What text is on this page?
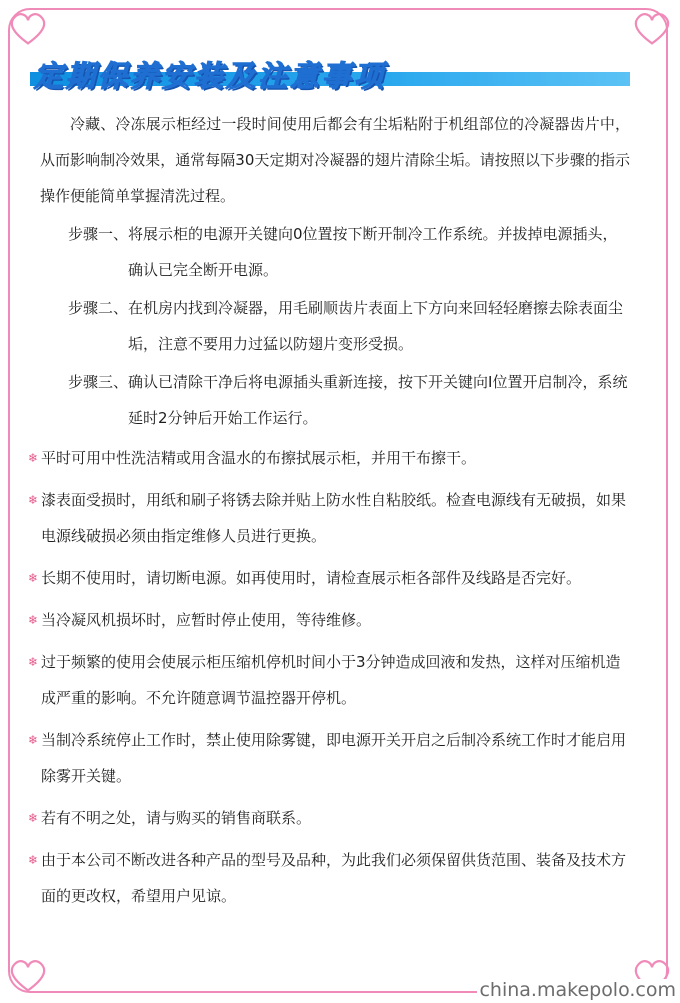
定期保养安装及注意事项

冷藏、冷冻展示柜经过一段时间使用后都会有尘垢粘附于机组部位的冷凝器齿片中，从而影响制冷效果，通常每隔30天定期对冷凝器的翅片清除尘垢。请按照以下步骤的指示操作便能简单掌握清洗过程。

步骤一、 将展示柜的电源开关键向0位置按下断开制冷工作系统。并拔掉电源插头，确认已完全断开电源。
步骤二、 在机房内找到冷凝器，用毛刷顺齿片表面上下方向来回轻轻磨擦去除表面尘垢，注意不要用力过猛以防翅片变形受损。
步骤三、 确认已清除干净后将电源插头重新连接，按下开关键向I位置开启制冷，系统延时2分钟后开始工作运行。
❄ 平时可用中性洗洁精或用含温水的布擦拭展示柜，并用干布擦干。
❄ 漆表面受损时，用纸和刷子将锈去除并贴上防水性自粘胶纸。检查电源线有无破损，如果电源线破损必须由指定维修人员进行更换。
❄ 长期不使用时，请切断电源。如再使用时，请检查展示柜各部件及线路是否完好。
❄ 当冷凝风机损坏时，应暂时停止使用，等待维修。
❄ 过于频繁的使用会使展示柜压缩机停机时间小于3分钟造成回液和发热，这样对压缩机造成严重的影响。不允许随意调节温控器开停机。
❄ 当制冷系统停止工作时，禁止使用除雾键，即电源开关开启之后制冷系统工作时才能启用除雾开关键。
❄ 若有不明之处，请与购买的销售商联系。
❄ 由于本公司不断改进各种产品的型号及品种，为此我们必须保留供货范围、装备及技术方面的更改权，希望用户见谅。
china.makepolo.com
